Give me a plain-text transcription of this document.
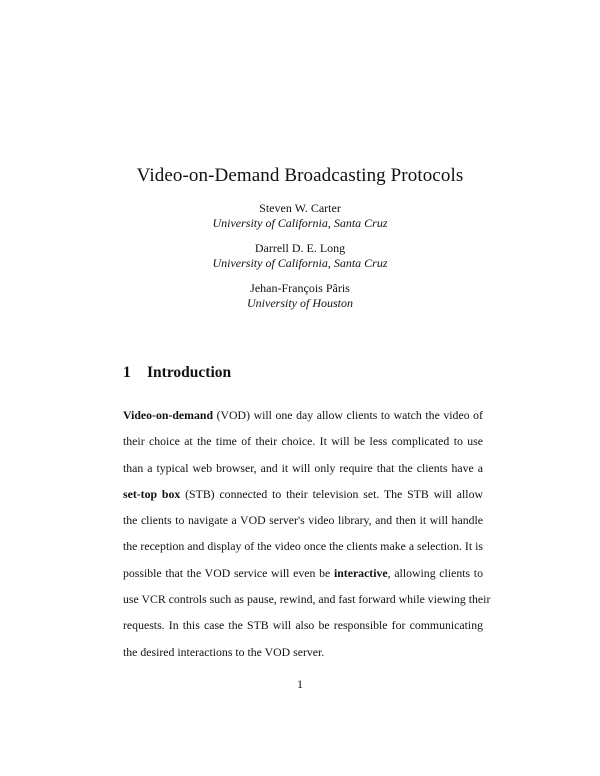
Video-on-Demand Broadcasting Protocols
Steven W. Carter
University of California, Santa Cruz
Darrell D. E. Long
University of California, Santa Cruz
Jehan-François Pâris
University of Houston
1 Introduction
Video-on-demand (VOD) will one day allow clients to watch the video of
their choice at the time of their choice. It will be less complicated to use
than a typical web browser, and it will only require that the clients have a
set-top box (STB) connected to their television set. The STB will allow
the clients to navigate a VOD server's video library, and then it will handle
the reception and display of the video once the clients make a selection. It is
possible that the VOD service will even be interactive, allowing clients to
use VCR controls such as pause, rewind, and fast forward while viewing their
requests. In this case the STB will also be responsible for communicating
the desired interactions to the VOD server.
1
